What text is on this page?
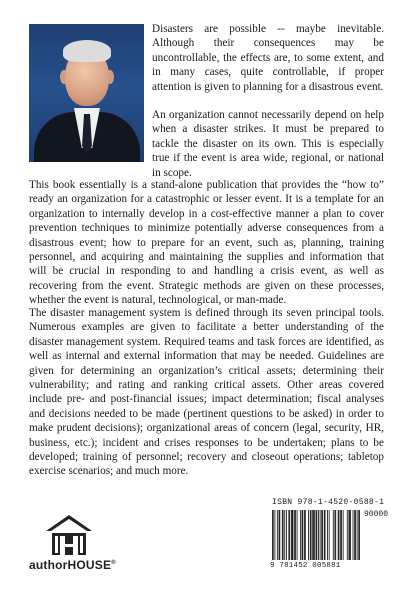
Disasters are possible -- maybe inevitable. Although their consequences may be uncontrollable, the effects are, to some extent, and in many cases, quite controllable, if proper attention is given to planning for a disastrous event.

An organization cannot necessarily depend on help when a disaster strikes. It must be prepared to tackle the disaster on its own. This is especially true if the event is area wide, regional, or national in scope.

This book essentially is a stand-alone publication that provides the “how to” ready an organization for a catastrophic or lesser event. It is a template for an organization to internally develop in a cost-effective manner a plan to cover prevention techniques to minimize potentially adverse consequences from a disastrous event; how to prepare for an event, such as, planning, training personnel, and acquiring and maintaining the supplies and information that will be crucial in responding to and handling a crisis event, as well as recovering from the event. Strategic methods are given on these processes, whether the event is natural, technological, or man-made.

The disaster management system is defined through its seven principal tools. Numerous examples are given to facilitate a better understanding of the disaster management system. Required teams and task forces are identified, as well as internal and external information that may be needed. Guidelines are given for determining an organization’s critical assets; determining their vulnerability; and rating and ranking critical assets. Other areas covered include pre- and post-financial issues; impact determination; fiscal analyses and decisions needed to be made (pertinent questions to be asked) in order to make prudent decisions); organizational areas of concern (legal, security, HR, business, etc.); incident and crises responses to be undertaken; plans to be developed; training of personnel; recovery and closeout operations; tabletop exercise scenarios; and much more.

authorHOUSE®
ISBN 978-1-4520-0588-1
90000
9 781452 005881
